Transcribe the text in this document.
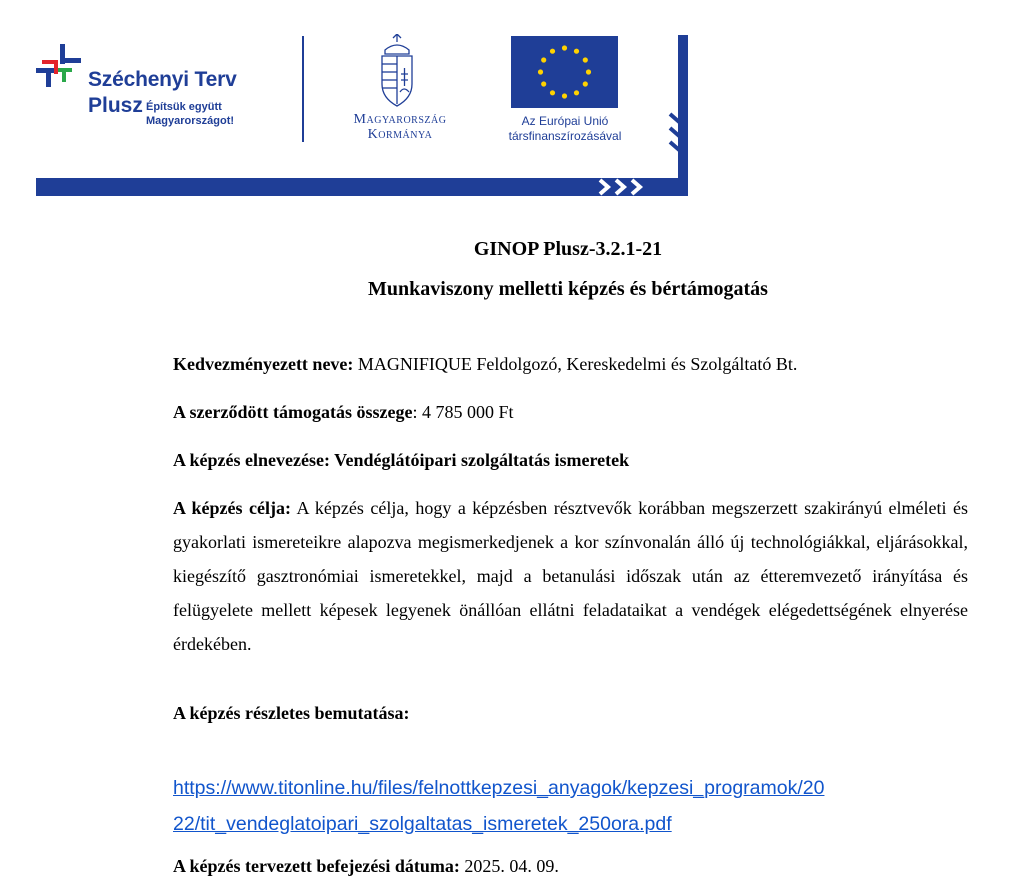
Széchenyi Terv
Plusz Építsük együtt
Magyarországot!	Magyarország
Kormánya
Az Európai Unió
társfinanszírozásával
GINOP Plusz-3.2.1-21
Munkaviszony melletti képzés és bértámogatás
Kedvezményezett neve: MAGNIFIQUE Feldolgozó, Kereskedelmi és Szolgáltató Bt.
A szerződött támogatás összege: 4 785 000 Ft
A képzés elnevezése: Vendéglátóipari szolgáltatás ismeretek
A képzés célja: A képzés célja, hogy a képzésben résztvevők korábban megszerzett szakirányú elméleti és gyakorlati ismereteikre alapozva megismerkedjenek a kor színvonalán álló új technológiákkal, eljárásokkal, kiegészítő gasztronómiai ismeretekkel, majd a betanulási időszak után az étteremvezető irányítása és felügyelete mellett képesek legyenek önállóan ellátni feladataikat a vendégek elégedettségének elnyerése érdekében.
A képzés részletes bemutatása:
https://www.titonline.hu/files/felnottkepzesi_anyagok/kepzesi_programok/20
22/tit_vendeglatoipari_szolgaltatas_ismeretek_250ora.pdf
A képzés tervezett befejezési dátuma: 2025. 04. 09.
